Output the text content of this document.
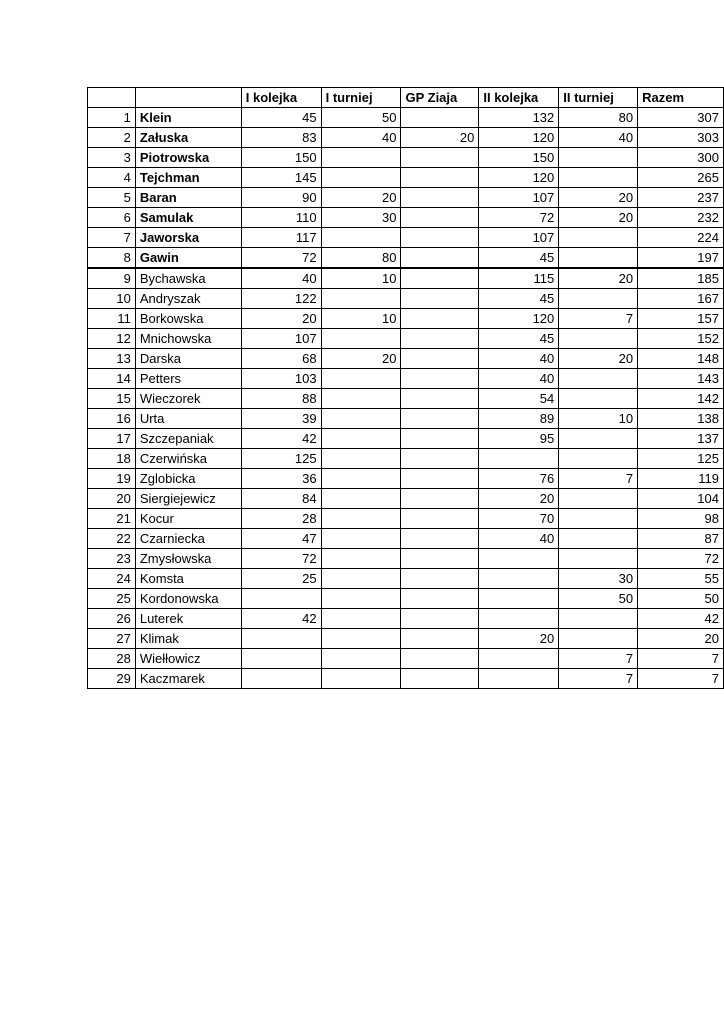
		I kolejka	I turniej	GP Ziaja	II kolejka	II turniej	Razem
1	Klein	45	50		132	80	307
2	Załuska	83	40	20	120	40	303
3	Piotrowska	150			150		300
4	Tejchman	145			120		265
5	Baran	90	20		107	20	237
6	Samulak	110	30		72	20	232
7	Jaworska	117			107		224
8	Gawin	72	80		45		197
9	Bychawska	40	10		115	20	185
10	Andryszak	122			45		167
11	Borkowska	20	10		120	7	157
12	Mnichowska	107			45		152
13	Darska	68	20		40	20	148
14	Petters	103			40		143
15	Wieczorek	88			54		142
16	Urta	39			89	10	138
17	Szczepaniak	42			95		137
18	Czerwińska	125					125
19	Zglobicka	36			76	7	119
20	Siergiejewicz	84			20		104
21	Kocur	28			70		98
22	Czarniecka	47			40		87
23	Zmysłowska	72					72
24	Komsta	25				30	55
25	Kordonowska					50	50
26	Luterek	42					42
27	Klimak				20		20
28	Wiełłowicz					7	7
29	Kaczmarek					7	7
